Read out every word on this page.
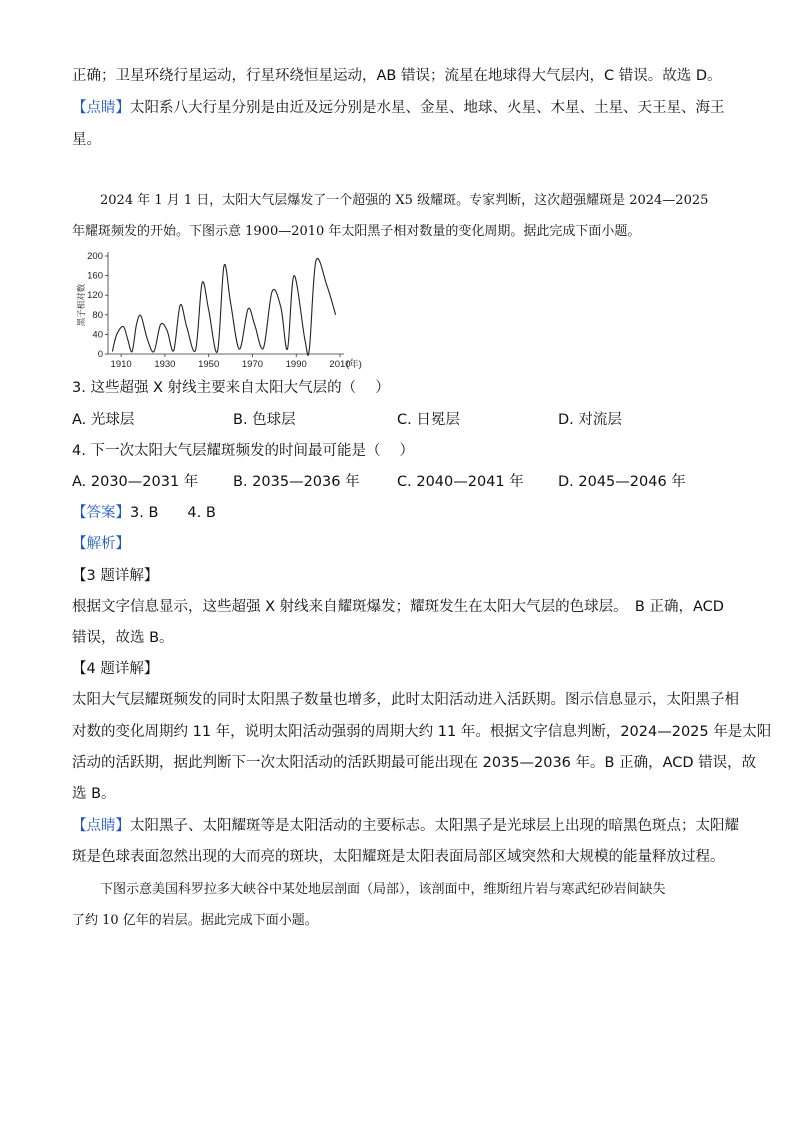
正确；卫星环绕行星运动，行星环绕恒星运动，AB 错误；流星在地球得大气层内，C 错误。故选 D。
【点睛】太阳系八大行星分别是由近及远分别是水星、金星、地球、火星、木星、土星、天王星、海王
星。
2024 年 1 月 1 日，太阳大气层爆发了一个超强的 X5 级耀斑。专家判断，这次超强耀斑是 2024—2025
年耀斑频发的开始。下图示意 1900—2010 年太阳黑子相对数量的变化周期。据此完成下面小题。
0
40
80
120
160
200
1910 1930 1950 1970 1990 2010
(年)
黑子相对数
3. 这些超强 X 射线主要来自太阳大气层的（　 ）
A. 光球层	B. 色球层	C. 日冕层	D. 对流层
4. 下一次太阳大气层耀斑频发的时间最可能是（　 ）
A. 2030—2031 年 B. 2035—2036 年	C. 2040—2041 年 D. 2045—2046 年
【答案】3. B　　4. B
【解析】
【3 题详解】
根据文字信息显示，这些超强 X 射线来自耀斑爆发；耀斑发生在太阳大气层的色球层。　B 正确，ACD
错误，故选 B。
【4 题详解】
太阳大气层耀斑频发的同时太阳黑子数量也增多，此时太阳活动进入活跃期。图示信息显示，太阳黑子相
对数的变化周期约 11 年，说明太阳活动强弱的周期大约 11 年。根据文字信息判断，2024—2025 年是太阳
活动的活跃期，据此判断下一次太阳活动的活跃期最可能出现在 2035—2036 年。B 正确，ACD 错误，故
选 B。
【点睛】太阳黑子、太阳耀斑等是太阳活动的主要标志。太阳黑子是光球层上出现的暗黑色斑点；太阳耀
斑是色球表面忽然出现的大而亮的斑块，太阳耀斑是太阳表面局部区域突然和大规模的能量释放过程。
下图示意美国科罗拉多大峡谷中某处地层剖面（局部），该剖面中，维斯纽片岩与寒武纪砂岩间缺失
了约 10 亿年的岩层。据此完成下面小题。
